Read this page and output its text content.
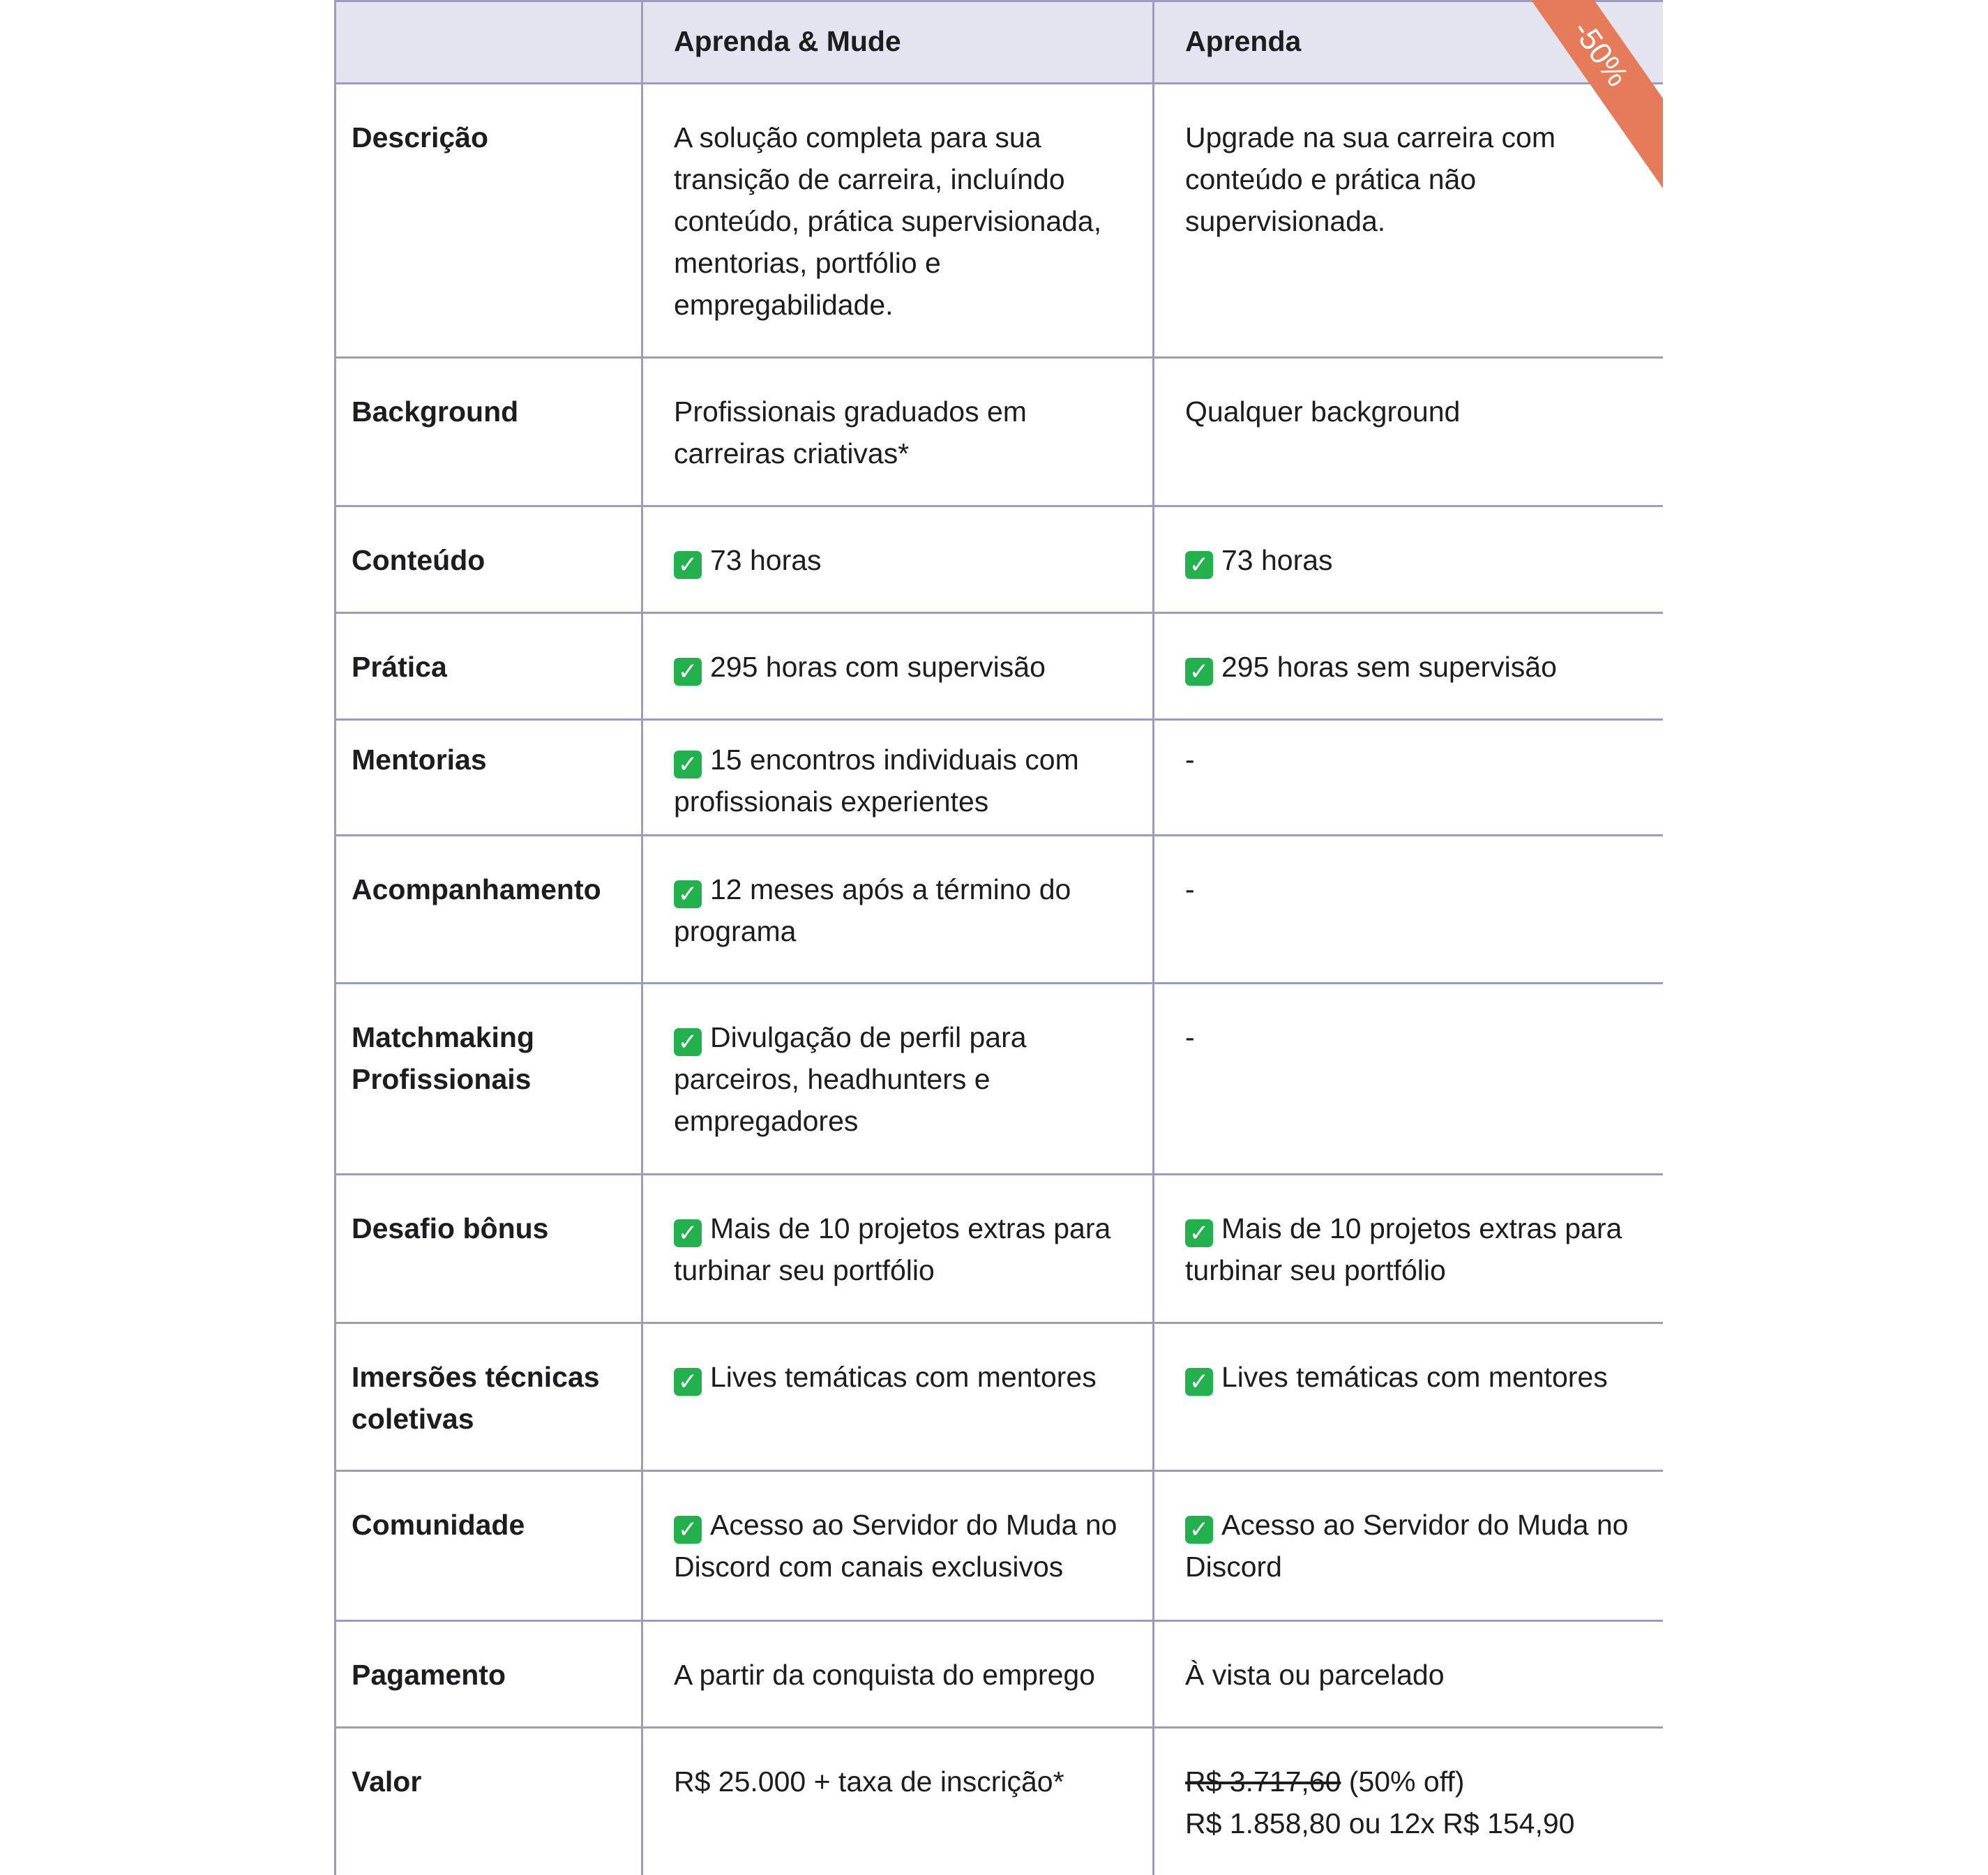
	Aprenda & Mude	Aprenda
Descrição	A solução completa para sua transição de carreira, incluíndo conteúdo, prática supervisionada, mentorias, portfólio e empregabilidade.	Upgrade na sua carreira com conteúdo e prática não supervisionada.
Background	Profissionais graduados em carreiras criativas*	Qualquer background
Conteúdo	✓ 73 horas	✓ 73 horas
Prática	✓ 295 horas com supervisão	✓ 295 horas sem supervisão
Mentorias	✓ 15 encontros individuais com profissionais experientes	-
Acompanhamento	✓ 12 meses após a término do programa	-
Matchmaking Profissionais	✓ Divulgação de perfil para parceiros, headhunters e empregadores	-
Desafio bônus	✓ Mais de 10 projetos extras para turbinar seu portfólio	✓ Mais de 10 projetos extras para turbinar seu portfólio
Imersões técnicas coletivas	✓ Lives temáticas com mentores	✓ Lives temáticas com mentores
Comunidade	✓ Acesso ao Servidor do Muda no Discord com canais exclusivos	✓ Acesso ao Servidor do Muda no Discord
Pagamento	A partir da conquista do emprego	À vista ou parcelado
Valor	R$ 25.000 + taxa de inscrição*	R$ 3.717,60 (50% off)
R$ 1.858,80 ou 12x R$ 154,90
-50%
